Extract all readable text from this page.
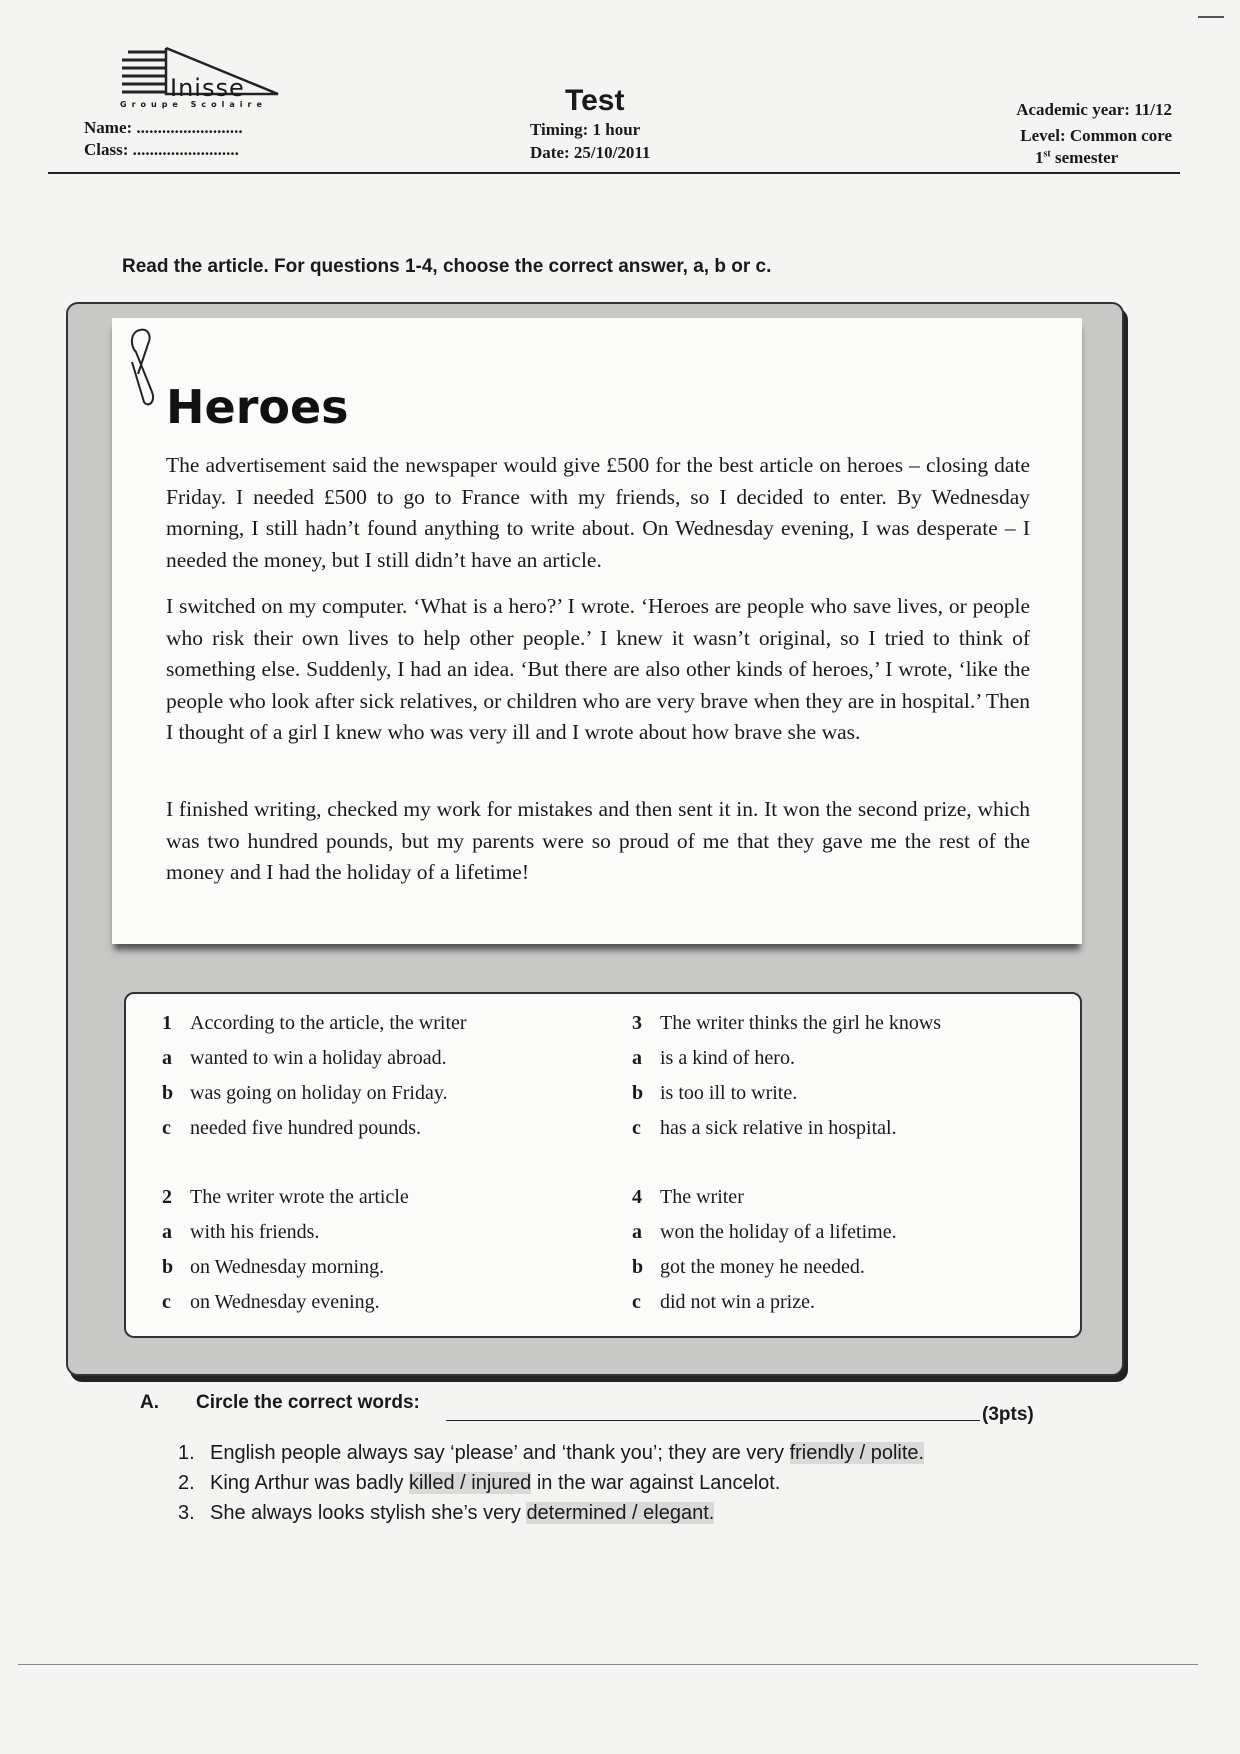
Inisse
Groupe Scolaire
Name: .........................
Class: .........................
Test
Timing: 1 hour
Date: 25/10/2011
Academic year: 11/12
Level: Common core
1st semester
Read the article. For questions 1-4, choose the correct answer, a, b or c.
Heroes
The advertisement said the newspaper would give £500 for the best article on heroes – closing date Friday. I needed £500 to go to France with my friends, so I decided to enter. By Wednesday morning, I still hadn’t found anything to write about. On Wednesday evening, I was desperate – I needed the money, but I still didn’t have an article.
I switched on my computer. ‘What is a hero?’ I wrote. ‘Heroes are people who save lives, or people who risk their own lives to help other people.’ I knew it wasn’t original, so I tried to think of something else. Suddenly, I had an idea. ‘But there are also other kinds of heroes,’ I wrote, ‘like the people who look after sick relatives, or children who are very brave when they are in hospital.’ Then I thought of a girl I knew who was very ill and I wrote about how brave she was.
I finished writing, checked my work for mistakes and then sent it in. It won the second prize, which was two hundred pounds, but my parents were so proud of me that they gave me the rest of the money and I had the holiday of a lifetime!
1 According to the article, the writer
a wanted to win a holiday abroad.
b was going on holiday on Friday.
c needed five hundred pounds.
2 The writer wrote the article
a with his friends.
b on Wednesday morning.
c on Wednesday evening.
3 The writer thinks the girl he knows
a is a kind of hero.
b is too ill to write.
c has a sick relative in hospital.
4 The writer
a won the holiday of a lifetime.
b got the money he needed.
c did not win a prize.
A. Circle the correct words:
(3pts)
1. English people always say ‘please’ and ‘thank you’; they are very friendly / polite.
2. King Arthur was badly killed / injured in the war against Lancelot.
3. She always looks stylish she’s very determined / elegant.
